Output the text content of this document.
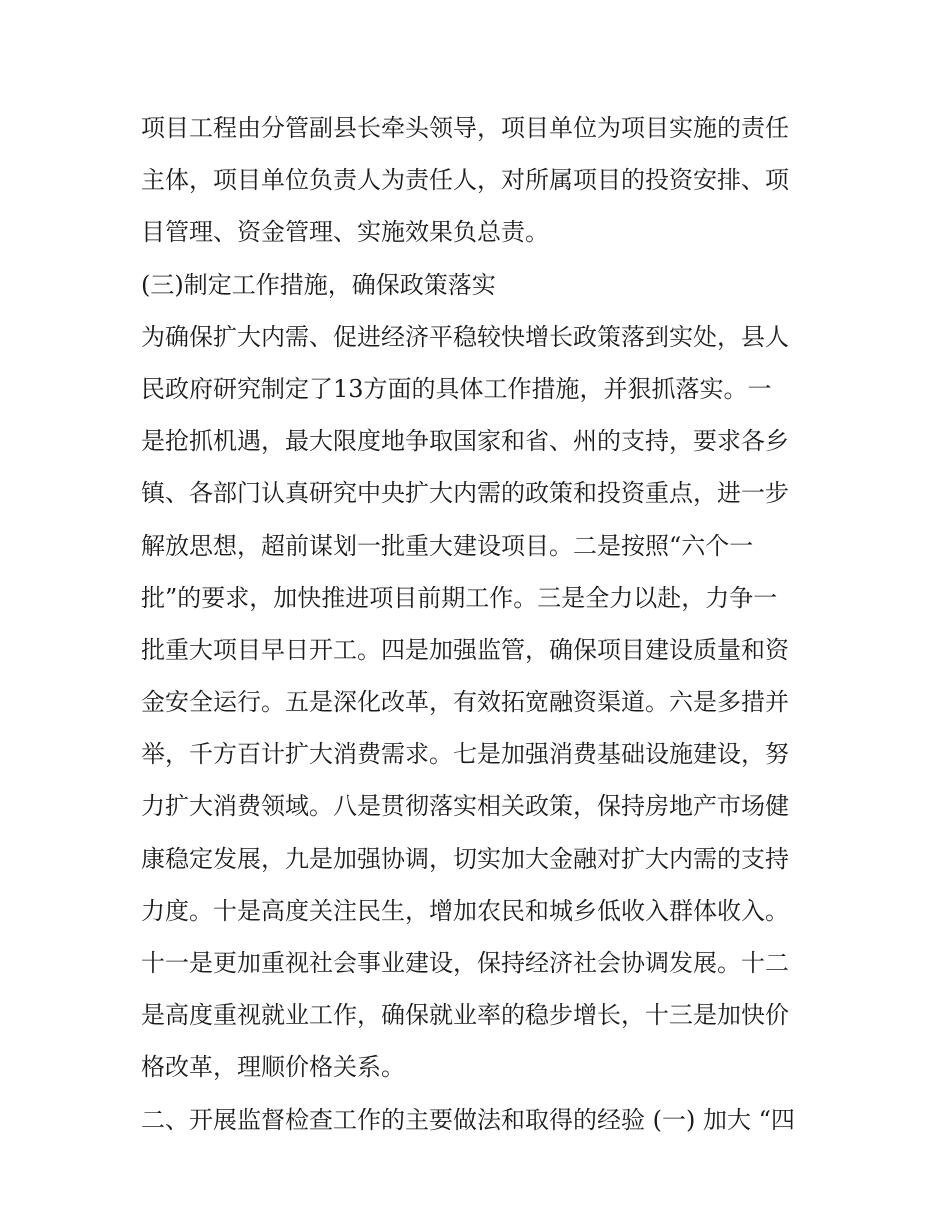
项目工程由分管副县长牵头领导，项目单位为项目实施的责任
主体，项目单位负责人为责任人，对所属项目的投资安排、项
目管理、资金管理、实施效果负总责。
(三)制定工作措施，确保政策落实
为确保扩大内需、促进经济平稳较快增长政策落到实处，县人
民政府研究制定了13方面的具体工作措施，并狠抓落实。一
是抢抓机遇，最大限度地争取国家和省、州的支持，要求各乡
镇、各部门认真研究中央扩大内需的政策和投资重点，进一步
解放思想，超前谋划一批重大建设项目。二是按照“六个一
批”的要求，加快推进项目前期工作。三是全力以赴，力争一
批重大项目早日开工。四是加强监管，确保项目建设质量和资
金安全运行。五是深化改革，有效拓宽融资渠道。六是多措并
举，千方百计扩大消费需求。七是加强消费基础设施建设，努
力扩大消费领域。八是贯彻落实相关政策，保持房地产市场健
康稳定发展，九是加强协调，切实加大金融对扩大内需的支持
力度。十是高度关注民生，增加农民和城乡低收入群体收入。
十一是更加重视社会事业建设，保持经济社会协调发展。十二
是高度重视就业工作，确保就业率的稳步增长，十三是加快价
格改革，理顺价格关系。
二、开展监督检查工作的主要做法和取得的经验 (一) 加大 “四
